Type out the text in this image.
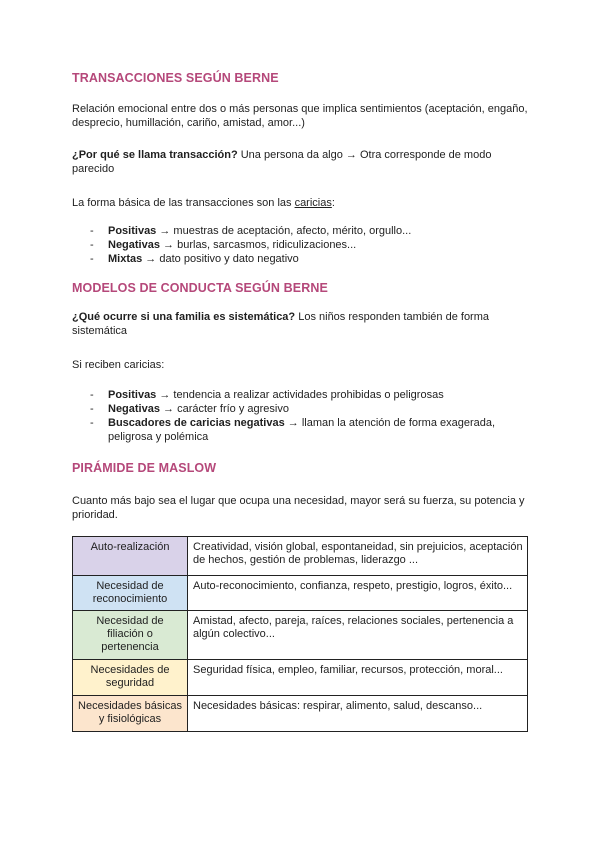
TRANSACCIONES SEGÚN BERNE

Relación emocional entre dos o más personas que implica sentimientos (aceptación, engaño, desprecio, humillación, cariño, amistad, amor...)

¿Por qué se llama transacción? Una persona da algo → Otra corresponde de modo parecido

La forma básica de las transacciones son las caricias:

- Positivas → muestras de aceptación, afecto, mérito, orgullo...
- Negativas → burlas, sarcasmos, ridiculizaciones...
- Mixtas → dato positivo y dato negativo
MODELOS DE CONDUCTA SEGÚN BERNE

¿Qué ocurre si una familia es sistemática? Los niños responden también de forma sistemática

Si reciben caricias:

- Positivas → tendencia a realizar actividades prohibidas o peligrosas
- Negativas → carácter frío y agresivo
- Buscadores de caricias negativas → llaman la atención de forma exagerada, peligrosa y polémica
PIRÁMIDE DE MASLOW

Cuanto más bajo sea el lugar que ocupa una necesidad, mayor será su fuerza, su potencia y prioridad.

Auto-realización	Creatividad, visión global, espontaneidad, sin prejuicios, aceptación de hechos, gestión de problemas, liderazgo ...
Necesidad de reconocimiento	Auto-reconocimiento, confianza, respeto, prestigio, logros, éxito...
Necesidad de filiación o pertenencia	Amistad, afecto, pareja, raíces, relaciones sociales, pertenencia a algún colectivo...
Necesidades de seguridad	Seguridad física, empleo, familiar, recursos, protección, moral...
Necesidades básicas y fisiológicas	Necesidades básicas: respirar, alimento, salud, descanso...
